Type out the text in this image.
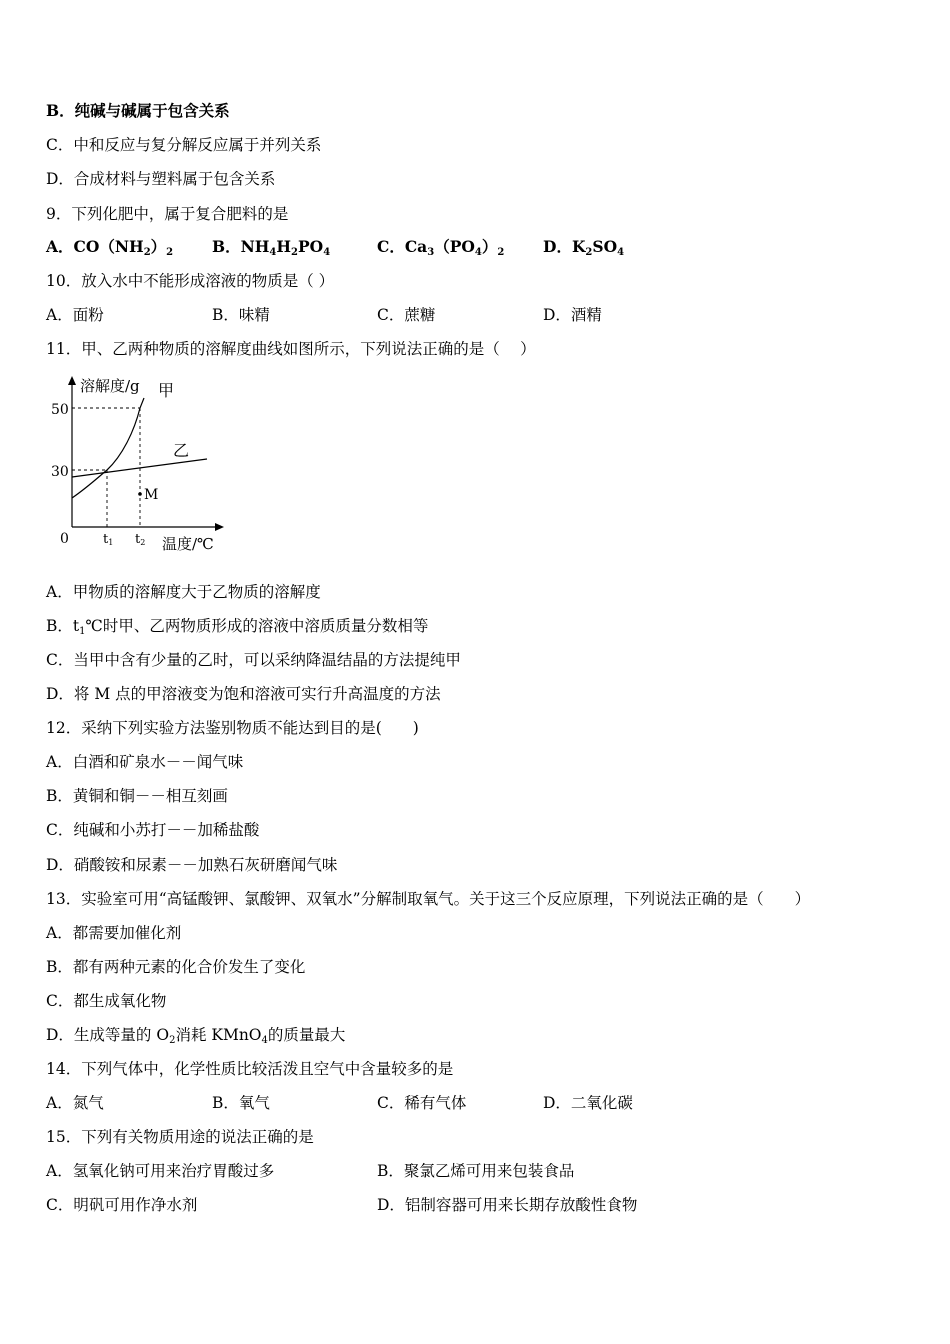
B．纯碱与碱属于包含关系
C．中和反应与复分解反应属于并列关系
D．合成材料与塑料属于包含关系
9．下列化肥中，属于复合肥料的是
A．$CO(NH_2)_2$	B．$NH_4H_2PO_4$	C．$Ca_3(PO_4)_2$ D．$K_2SO_4$
10．放入水中不能形成溶液的物质是（ ）
A．面粉	B．味精	C．蔗糖	D．酒精
11．甲、乙两种物质的溶解度曲线如图所示，下列说法正确的是（　 ）
溶解度/g 甲
乙
M
50
30
0	t1 t2 温度/℃
A．甲物质的溶解度大于乙物质的溶解度
B．$t_1℃$时甲、乙两物质形成的溶液中溶质质量分数相等
C．当甲中含有少量的乙时，可以采纳降温结晶的方法提纯甲
D．将 M 点的甲溶液变为饱和溶液可实行升高温度的方法
12．采纳下列实验方法鉴别物质不能达到目的是(　　)
A．白酒和矿泉水－－闻气味
B．黄铜和铜－－相互刻画
C．纯碱和小苏打－－加稀盐酸
D．硝酸铵和尿素－－加熟石灰研磨闻气味
13．实验室可用“高锰酸钾、氯酸钾、双氧水”分解制取氧气。关于这三个反应原理，下列说法正确的是（　　）
A．都需要加催化剂
B．都有两种元素的化合价发生了变化
C．都生成氧化物
D．生成等量的 $O_2$消耗 KMnO$_4$的质量最大
14．下列气体中，化学性质比较活泼且空气中含量较多的是
A．氮气	B．氧气	C．稀有气体	D．二氧化碳
15．下列有关物质用途的说法正确的是
A．氢氧化钠可用来治疗胃酸过多	B．聚氯乙烯可用来包装食品
C．明矾可用作净水剂	D．铝制容器可用来长期存放酸性食物
